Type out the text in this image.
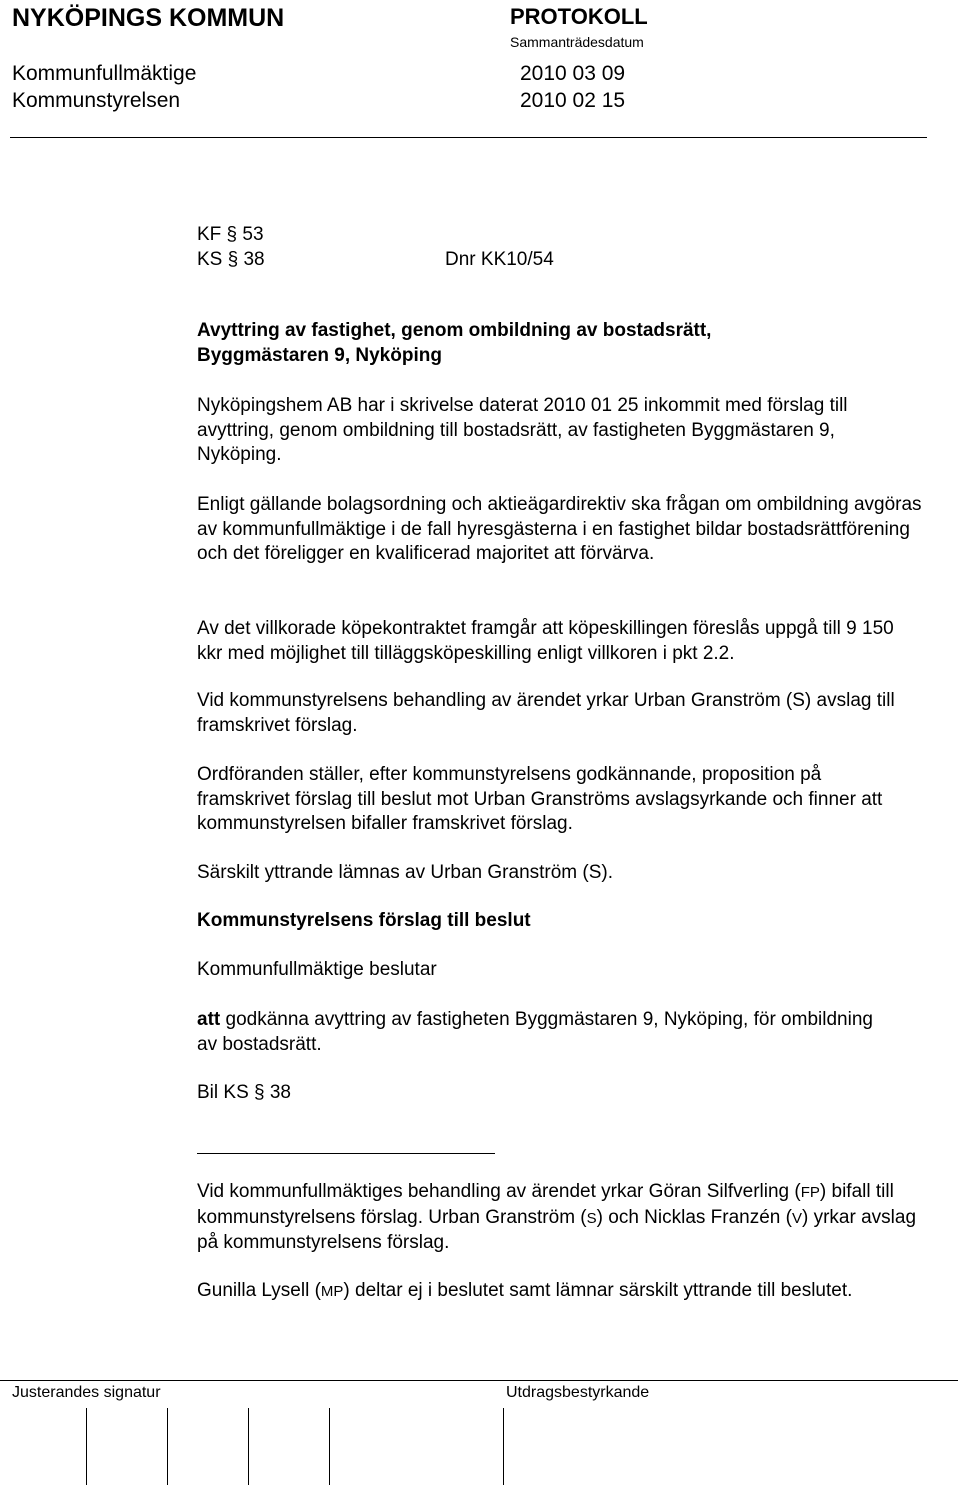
NYKÖPINGS KOMMUN	PROTOKOLL
Sammanträdesdatum
Kommunfullmäktige	2010 03 09
Kommunstyrelsen	2010 02 15
KF § 53
KS § 38	Dnr KK10/54
Avyttring av fastighet, genom ombildning av bostadsrätt,
Byggmästaren 9, Nyköping

Nyköpingshem AB har i skrivelse daterat 2010 01 25 inkommit med förslag till avyttring, genom ombildning till bostadsrätt, av fastigheten Byggmästaren 9, Nyköping.

Enligt gällande bolagsordning och aktieägardirektiv ska frågan om ombildning avgöras av kommunfullmäktige i de fall hyresgästerna i en fastighet bildar bostadsrättförening och det föreligger en kvalificerad majoritet att förvärva.

Av det villkorade köpekontraktet framgår att köpeskillingen föreslås uppgå till 9 150 kkr med möjlighet till tilläggsköpeskilling enligt villkoren i pkt 2.2.

Vid kommunstyrelsens behandling av ärendet yrkar Urban Granström (S) avslag till framskrivet förslag.

Ordföranden ställer, efter kommunstyrelsens godkännande, proposition på framskrivet förslag till beslut mot Urban Granströms avslagsyrkande och finner att kommunstyrelsen bifaller framskrivet förslag.

Särskilt yttrande lämnas av Urban Granström (S).

Kommunstyrelsens förslag till beslut
Kommunfullmäktige beslutar

att godkänna avyttring av fastigheten Byggmästaren 9, Nyköping, för ombildning av bostadsrätt.

Bil KS § 38

Vid kommunfullmäktiges behandling av ärendet yrkar Göran Silfverling (FP) bifall till kommunstyrelsens förslag. Urban Granström (S) och Nicklas Franzén (V) yrkar avslag på kommunstyrelsens förslag.

Gunilla Lysell (MP) deltar ej i beslutet samt lämnar särskilt yttrande till beslutet.

Justerandes signatur	Utdragsbestyrkande
